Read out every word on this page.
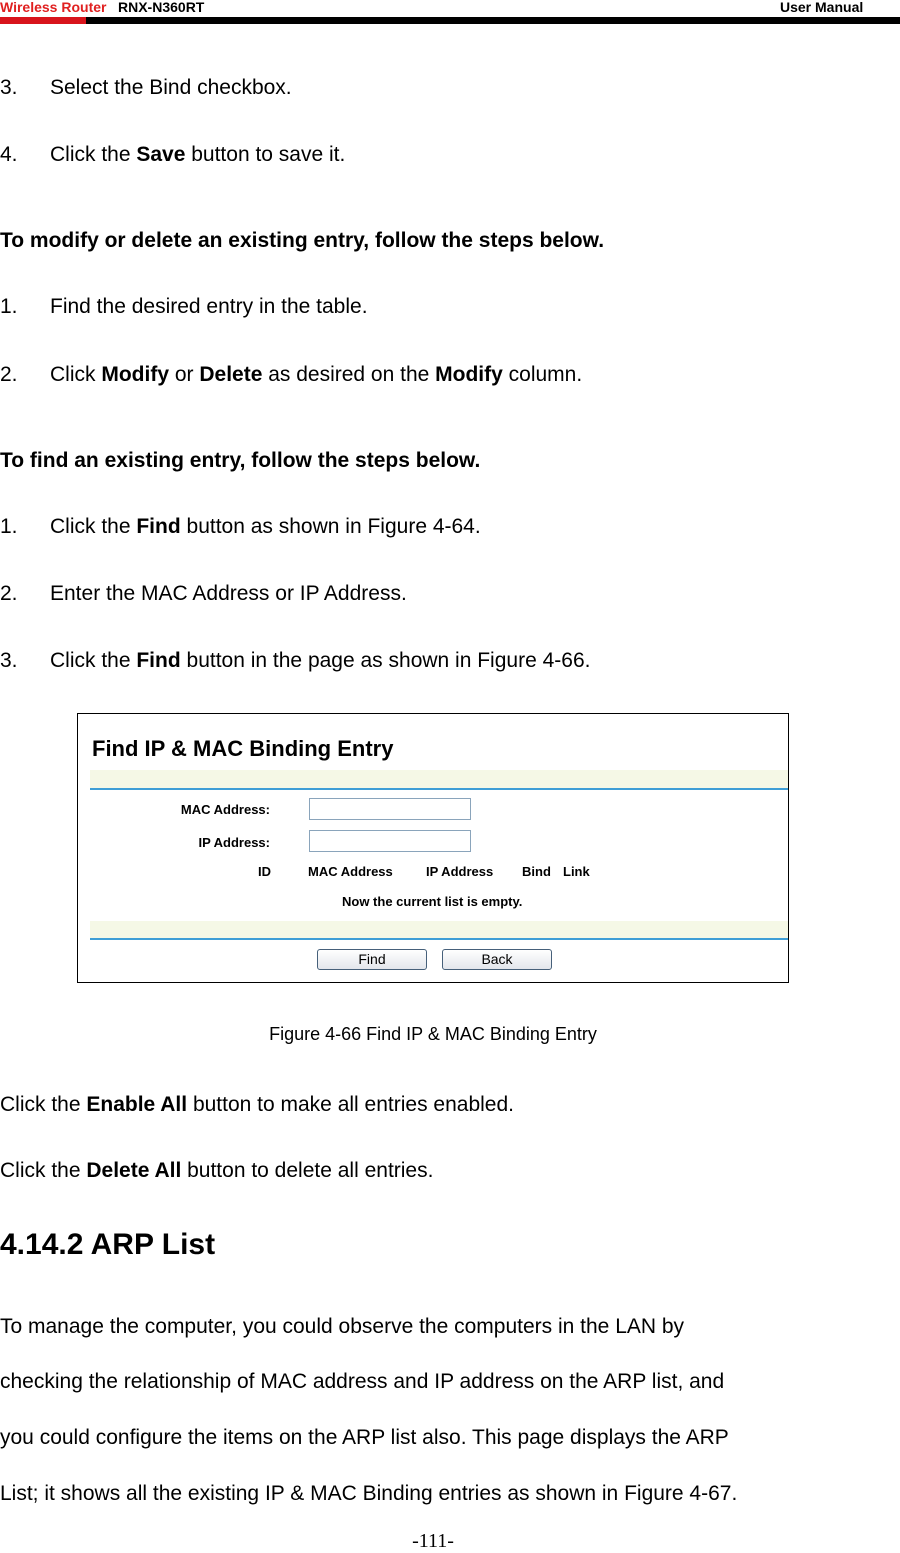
Wireless Router RNX-N360RT	User Manual
3. Select the Bind checkbox.
4. Click the Save button to save it.
To modify or delete an existing entry, follow the steps below.
1. Find the desired entry in the table.
2. Click Modify or Delete as desired on the Modify column.
To find an existing entry, follow the steps below.
1. Click the Find button as shown in Figure 4-64.
2. Enter the MAC Address or IP Address.
3. Click the Find button in the page as shown in Figure 4-66.
Find IP & MAC Binding Entry
MAC Address:
IP Address:
ID	MAC Address	IP Address Bind Link
Now the current list is empty.
Find	Back
Figure 4-66 Find IP & MAC Binding Entry
Click the Enable All button to make all entries enabled.
Click the Delete All button to delete all entries.
4.14.2 ARP List
To manage the computer, you could observe the computers in the LAN by
checking the relationship of MAC address and IP address on the ARP list, and
you could configure the items on the ARP list also. This page displays the ARP
List; it shows all the existing IP & MAC Binding entries as shown in Figure 4-67.
-111-
